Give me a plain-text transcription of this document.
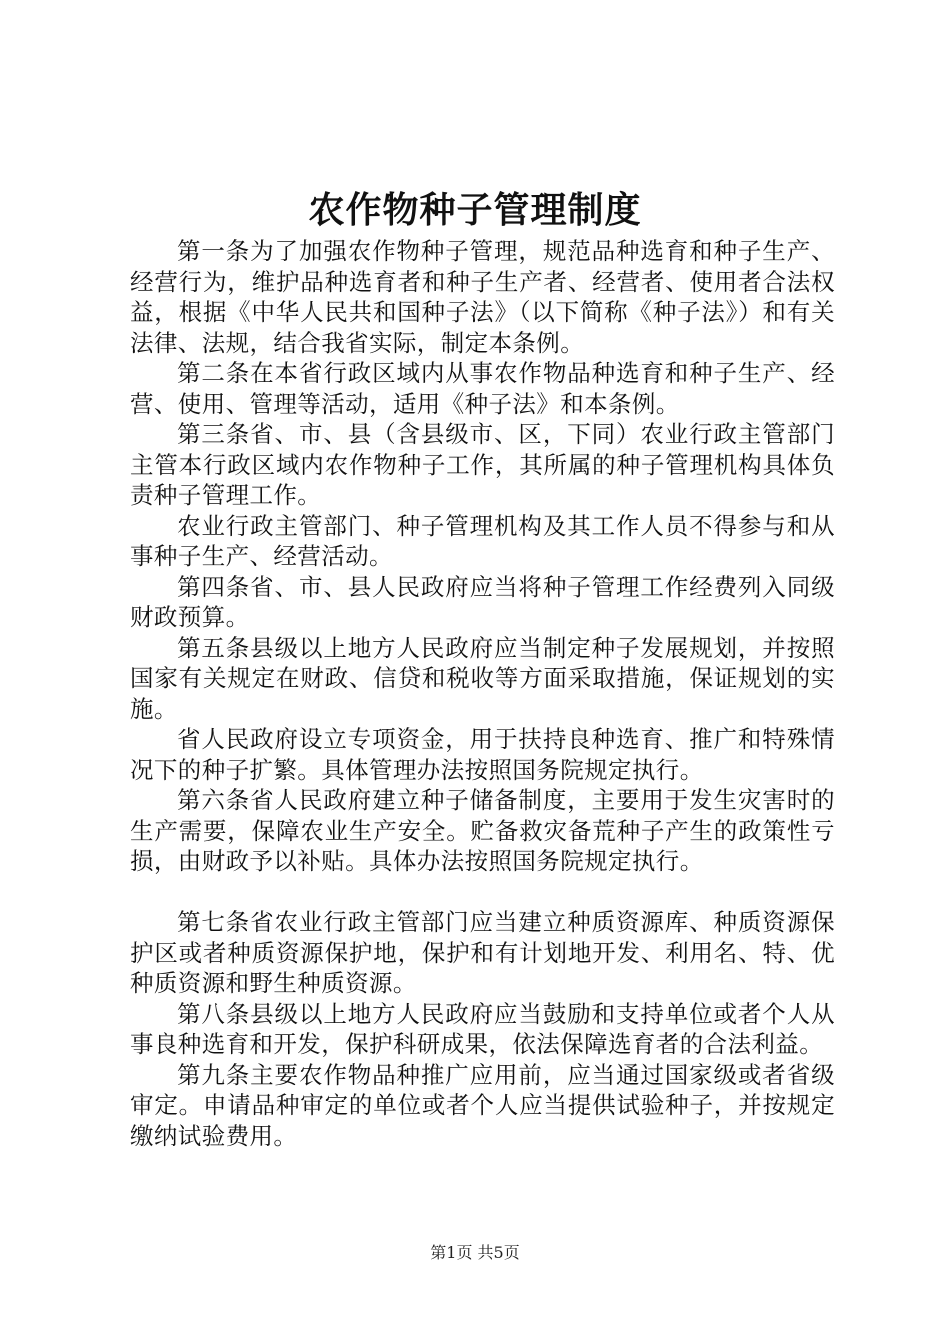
农作物种子管理制度

第一条为了加强农作物种子管理，规范品种选育和种子生产、经营行为，维护品种选育者和种子生产者、经营者、使用者合法权益，根据《中华人民共和国种子法》（以下简称《种子法》）和有关法律、法规，结合我省实际，制定本条例。

第二条在本省行政区域内从事农作物品种选育和种子生产、经营、使用、管理等活动，适用《种子法》和本条例。

第三条省、市、县（含县级市、区，下同）农业行政主管部门主管本行政区域内农作物种子工作，其所属的种子管理机构具体负责种子管理工作。

农业行政主管部门、种子管理机构及其工作人员不得参与和从事种子生产、经营活动。

第四条省、市、县人民政府应当将种子管理工作经费列入同级财政预算。

第五条县级以上地方人民政府应当制定种子发展规划，并按照国家有关规定在财政、信贷和税收等方面采取措施，保证规划的实施。

省人民政府设立专项资金，用于扶持良种选育、推广和特殊情况下的种子扩繁。具体管理办法按照国务院规定执行。

第六条省人民政府建立种子储备制度，主要用于发生灾害时的生产需要，保障农业生产安全。贮备救灾备荒种子产生的政策性亏损，由财政予以补贴。具体办法按照国务院规定执行。

第七条省农业行政主管部门应当建立种质资源库、种质资源保护区或者种质资源保护地，保护和有计划地开发、利用名、特、优种质资源和野生种质资源。

第八条县级以上地方人民政府应当鼓励和支持单位或者个人从事良种选育和开发，保护科研成果，依法保障选育者的合法利益。

第九条主要农作物品种推广应用前，应当通过国家级或者省级审定。申请品种审定的单位或者个人应当提供试验种子，并按规定缴纳试验费用。

第1页 共5页
